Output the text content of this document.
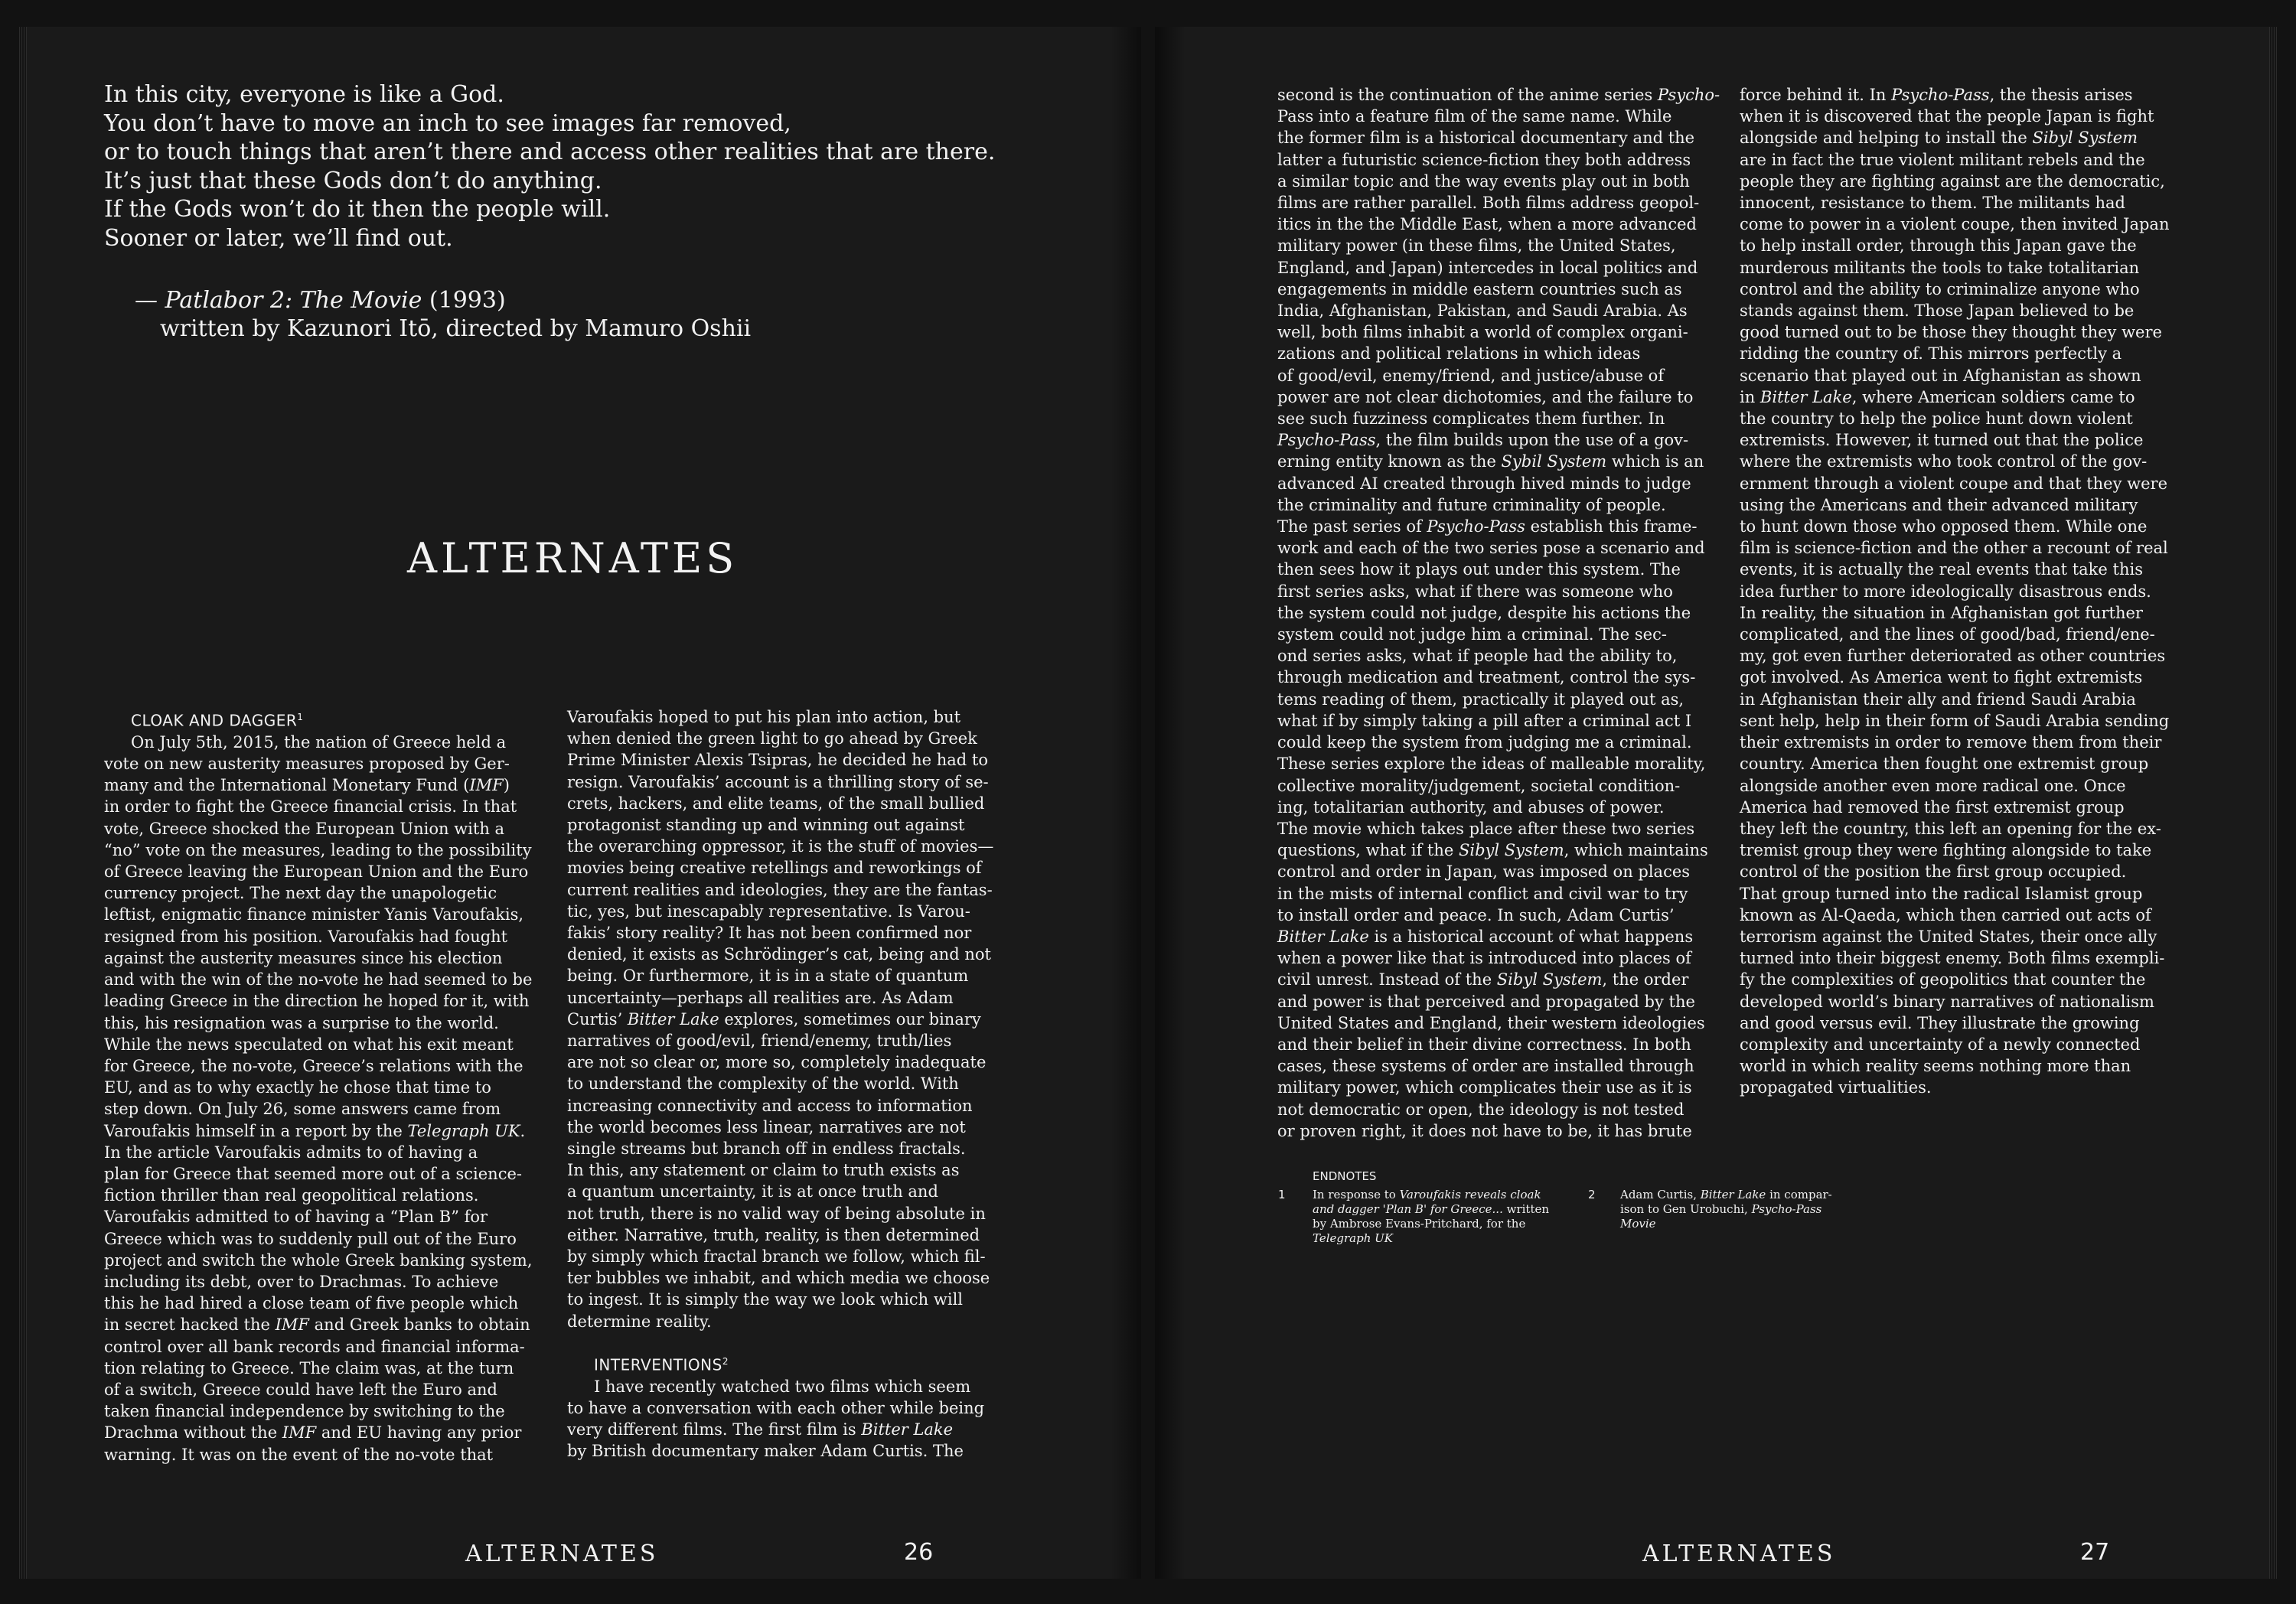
In this city, everyone is like a God.

You don’t have to move an inch to see images far removed,

or to touch things that aren’t there and access other realities that are there.

It’s just that these Gods don’t do anything.

If the Gods won’t do it then the people will.

Sooner or later, we’ll find out.

— Patlabor 2: The Movie (1993)

written by Kazunori Itō, directed by Mamuro Oshii

ALTERNATES
CLOAK AND DAGGER$^1$

On July 5th, 2015, the nation of Greece held a

vote on new austerity measures proposed by Ger-

many and the International Monetary Fund (IMF)

in order to fight the Greece financial crisis. In that

vote, Greece shocked the European Union with a

“no” vote on the measures, leading to the possibility

of Greece leaving the European Union and the Euro

currency project. The next day the unapologetic

leftist, enigmatic finance minister Yanis Varoufakis,

resigned from his position. Varoufakis had fought

against the austerity measures since his election

and with the win of the no-vote he had seemed to be

leading Greece in the direction he hoped for it, with

this, his resignation was a surprise to the world.

While the news speculated on what his exit meant

for Greece, the no-vote, Greece’s relations with the

EU, and as to why exactly he chose that time to

step down. On July 26, some answers came from

Varoufakis himself in a report by the Telegraph UK.

In the article Varoufakis admits to of having a

plan for Greece that seemed more out of a science-

fiction thriller than real geopolitical relations.

Varoufakis admitted to of having a “Plan B” for

Greece which was to suddenly pull out of the Euro

project and switch the whole Greek banking system,

including its debt, over to Drachmas. To achieve

this he had hired a close team of five people which

in secret hacked the IMF and Greek banks to obtain

control over all bank records and financial informa-

tion relating to Greece. The claim was, at the turn

of a switch, Greece could have left the Euro and

taken financial independence by switching to the

Drachma without the IMF and EU having any prior

warning. It was on the event of the no-vote that

Varoufakis hoped to put his plan into action, but

when denied the green light to go ahead by Greek

Prime Minister Alexis Tsipras, he decided he had to

resign. Varoufakis’ account is a thrilling story of se-

crets, hackers, and elite teams, of the small bullied

protagonist standing up and winning out against

the overarching oppressor, it is the stuff of movies—

movies being creative retellings and reworkings of

current realities and ideologies, they are the fantas-

tic, yes, but inescapably representative. Is Varou-

fakis’ story reality? It has not been confirmed nor

denied, it exists as Schrödinger’s cat, being and not

being. Or furthermore, it is in a state of quantum

uncertainty—perhaps all realities are. As Adam

Curtis’ Bitter Lake explores, sometimes our binary

narratives of good/evil, friend/enemy, truth/lies

are not so clear or, more so, completely inadequate

to understand the complexity of the world. With

increasing connectivity and access to information

the world becomes less linear, narratives are not

single streams but branch off in endless fractals.

In this, any statement or claim to truth exists as

a quantum uncertainty, it is at once truth and

not truth, there is no valid way of being absolute in

either. Narrative, truth, reality, is then determined

by simply which fractal branch we follow, which fil-

ter bubbles we inhabit, and which media we choose

to ingest. It is simply the way we look which will

determine reality.

INTERVENTIONS$^2$

I have recently watched two films which seem

to have a conversation with each other while being

very different films. The first film is Bitter Lake

by British documentary maker Adam Curtis. The

ALTERNATES	26

second is the continuation of the anime series Psycho-

Pass into a feature film of the same name. While

the former film is a historical documentary and the

latter a futuristic science-fiction they both address

a similar topic and the way events play out in both

films are rather parallel. Both films address geopol-

itics in the the Middle East, when a more advanced

military power (in these films, the United States,

England, and Japan) intercedes in local politics and

engagements in middle eastern countries such as

India, Afghanistan, Pakistan, and Saudi Arabia. As

well, both films inhabit a world of complex organi-

zations and political relations in which ideas

of good/evil, enemy/friend, and justice/abuse of

power are not clear dichotomies, and the failure to

see such fuzziness complicates them further. In

Psycho-Pass, the film builds upon the use of a gov-

erning entity known as the Sybil System which is an

advanced AI created through hived minds to judge

the criminality and future criminality of people.

The past series of Psycho-Pass establish this frame-

work and each of the two series pose a scenario and

then sees how it plays out under this system. The

first series asks, what if there was someone who

the system could not judge, despite his actions the

system could not judge him a criminal. The sec-

ond series asks, what if people had the ability to,

through medication and treatment, control the sys-

tems reading of them, practically it played out as,

what if by simply taking a pill after a criminal act I

could keep the system from judging me a criminal.

These series explore the ideas of malleable morality,

collective morality/judgement, societal condition-

ing, totalitarian authority, and abuses of power.

The movie which takes place after these two series

questions, what if the Sibyl System, which maintains

control and order in Japan, was imposed on places

in the mists of internal conflict and civil war to try

to install order and peace. In such, Adam Curtis’

Bitter Lake is a historical account of what happens

when a power like that is introduced into places of

civil unrest. Instead of the Sibyl System, the order

and power is that perceived and propagated by the

United States and England, their western ideologies

and their belief in their divine correctness. In both

cases, these systems of order are installed through

military power, which complicates their use as it is

not democratic or open, the ideology is not tested

or proven right, it does not have to be, it has brute

force behind it. In Psycho-Pass, the thesis arises

when it is discovered that the people Japan is fight

alongside and helping to install the Sibyl System

are in fact the true violent militant rebels and the

people they are fighting against are the democratic,

innocent, resistance to them. The militants had

come to power in a violent coupe, then invited Japan

to help install order, through this Japan gave the

murderous militants the tools to take totalitarian

control and the ability to criminalize anyone who

stands against them. Those Japan believed to be

good turned out to be those they thought they were

ridding the country of. This mirrors perfectly a

scenario that played out in Afghanistan as shown

in Bitter Lake, where American soldiers came to

the country to help the police hunt down violent

extremists. However, it turned out that the police

where the extremists who took control of the gov-

ernment through a violent coupe and that they were

using the Americans and their advanced military

to hunt down those who opposed them. While one

film is science-fiction and the other a recount of real

events, it is actually the real events that take this

idea further to more ideologically disastrous ends.

In reality, the situation in Afghanistan got further

complicated, and the lines of good/bad, friend/ene-

my, got even further deteriorated as other countries

got involved. As America went to fight extremists

in Afghanistan their ally and friend Saudi Arabia

sent help, help in their form of Saudi Arabia sending

their extremists in order to remove them from their

country. America then fought one extremist group

alongside another even more radical one. Once

America had removed the first extremist group

they left the country, this left an opening for the ex-

tremist group they were fighting alongside to take

control of the position the first group occupied.

That group turned into the radical Islamist group

known as Al-Qaeda, which then carried out acts of

terrorism against the United States, their once ally

turned into their biggest enemy. Both films exempli-

fy the complexities of geopolitics that counter the

developed world’s binary narratives of nationalism

and good versus evil. They illustrate the growing

complexity and uncertainty of a newly connected

world in which reality seems nothing more than

propagated virtualities.

ENDNOTES
1 In response to Varoufakis reveals cloak

and dagger 'Plan B' for Greece... written

by Ambrose Evans-Pritchard, for the

Telegraph UK

2 Adam Curtis, Bitter Lake in compar-

ison to Gen Urobuchi, Psycho-Pass

Movie

ALTERNATES	27
